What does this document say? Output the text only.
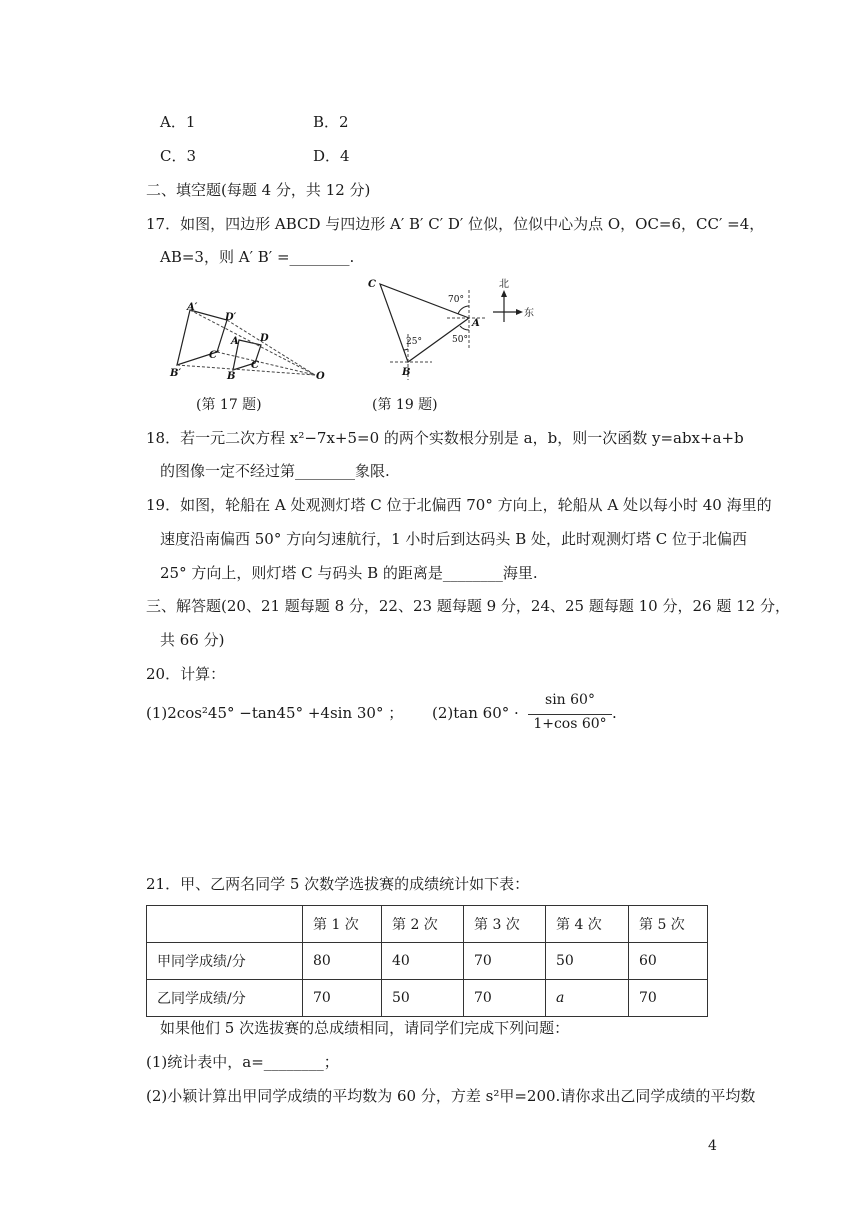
A．1	B．2
C．3	D．4
二、填空题(每题 4 分，共 12 分)
17．如图，四边形 ABCD 与四边形 A′ B′ C′ D′ 位似，位似中心为点 O，OC=6，CC′ =4，
AB=3，则 A′ B′ =________.
A′
D′
C′
B′
A D
C
B	O
(第 17 题)
C
A
B
70°
50°
25°
北
东
(第 19 题)
18．若一元二次方程 x²−7x+5=0 的两个实数根分别是 a，b，则一次函数 y=abx+a+b
的图像一定不经过第________象限.
19．如图，轮船在 A 处观测灯塔 C 位于北偏西 70° 方向上，轮船从 A 处以每小时 40 海里的
速度沿南偏西 50° 方向匀速航行，1 小时后到达码头 B 处，此时观测灯塔 C 位于北偏西
25° 方向上，则灯塔 C 与码头 B 的距离是________海里.
三、解答题(20、21 题每题 8 分，22、23 题每题 9 分，24、25 题每题 10 分，26 题 12 分，
共 66 分)
20．计算：
(1)2cos²45° −tan45° +4sin 30° ； (2)tan 60° ·
sin 60°
1+cos 60°
.
21．甲、乙两名同学 5 次数学选拔赛的成绩统计如下表：
	第 1 次	第 2 次	第 3 次	第 4 次	第 5 次
甲同学成绩/分	80	40	70	50	60
乙同学成绩/分	70	50	70	a	70
如果他们 5 次选拔赛的总成绩相同，请同学们完成下列问题：
(1)统计表中，a=________；
(2)小颖计算出甲同学成绩的平均数为 60 分，方差 s²甲=200.请你求出乙同学成绩的平均数
4
